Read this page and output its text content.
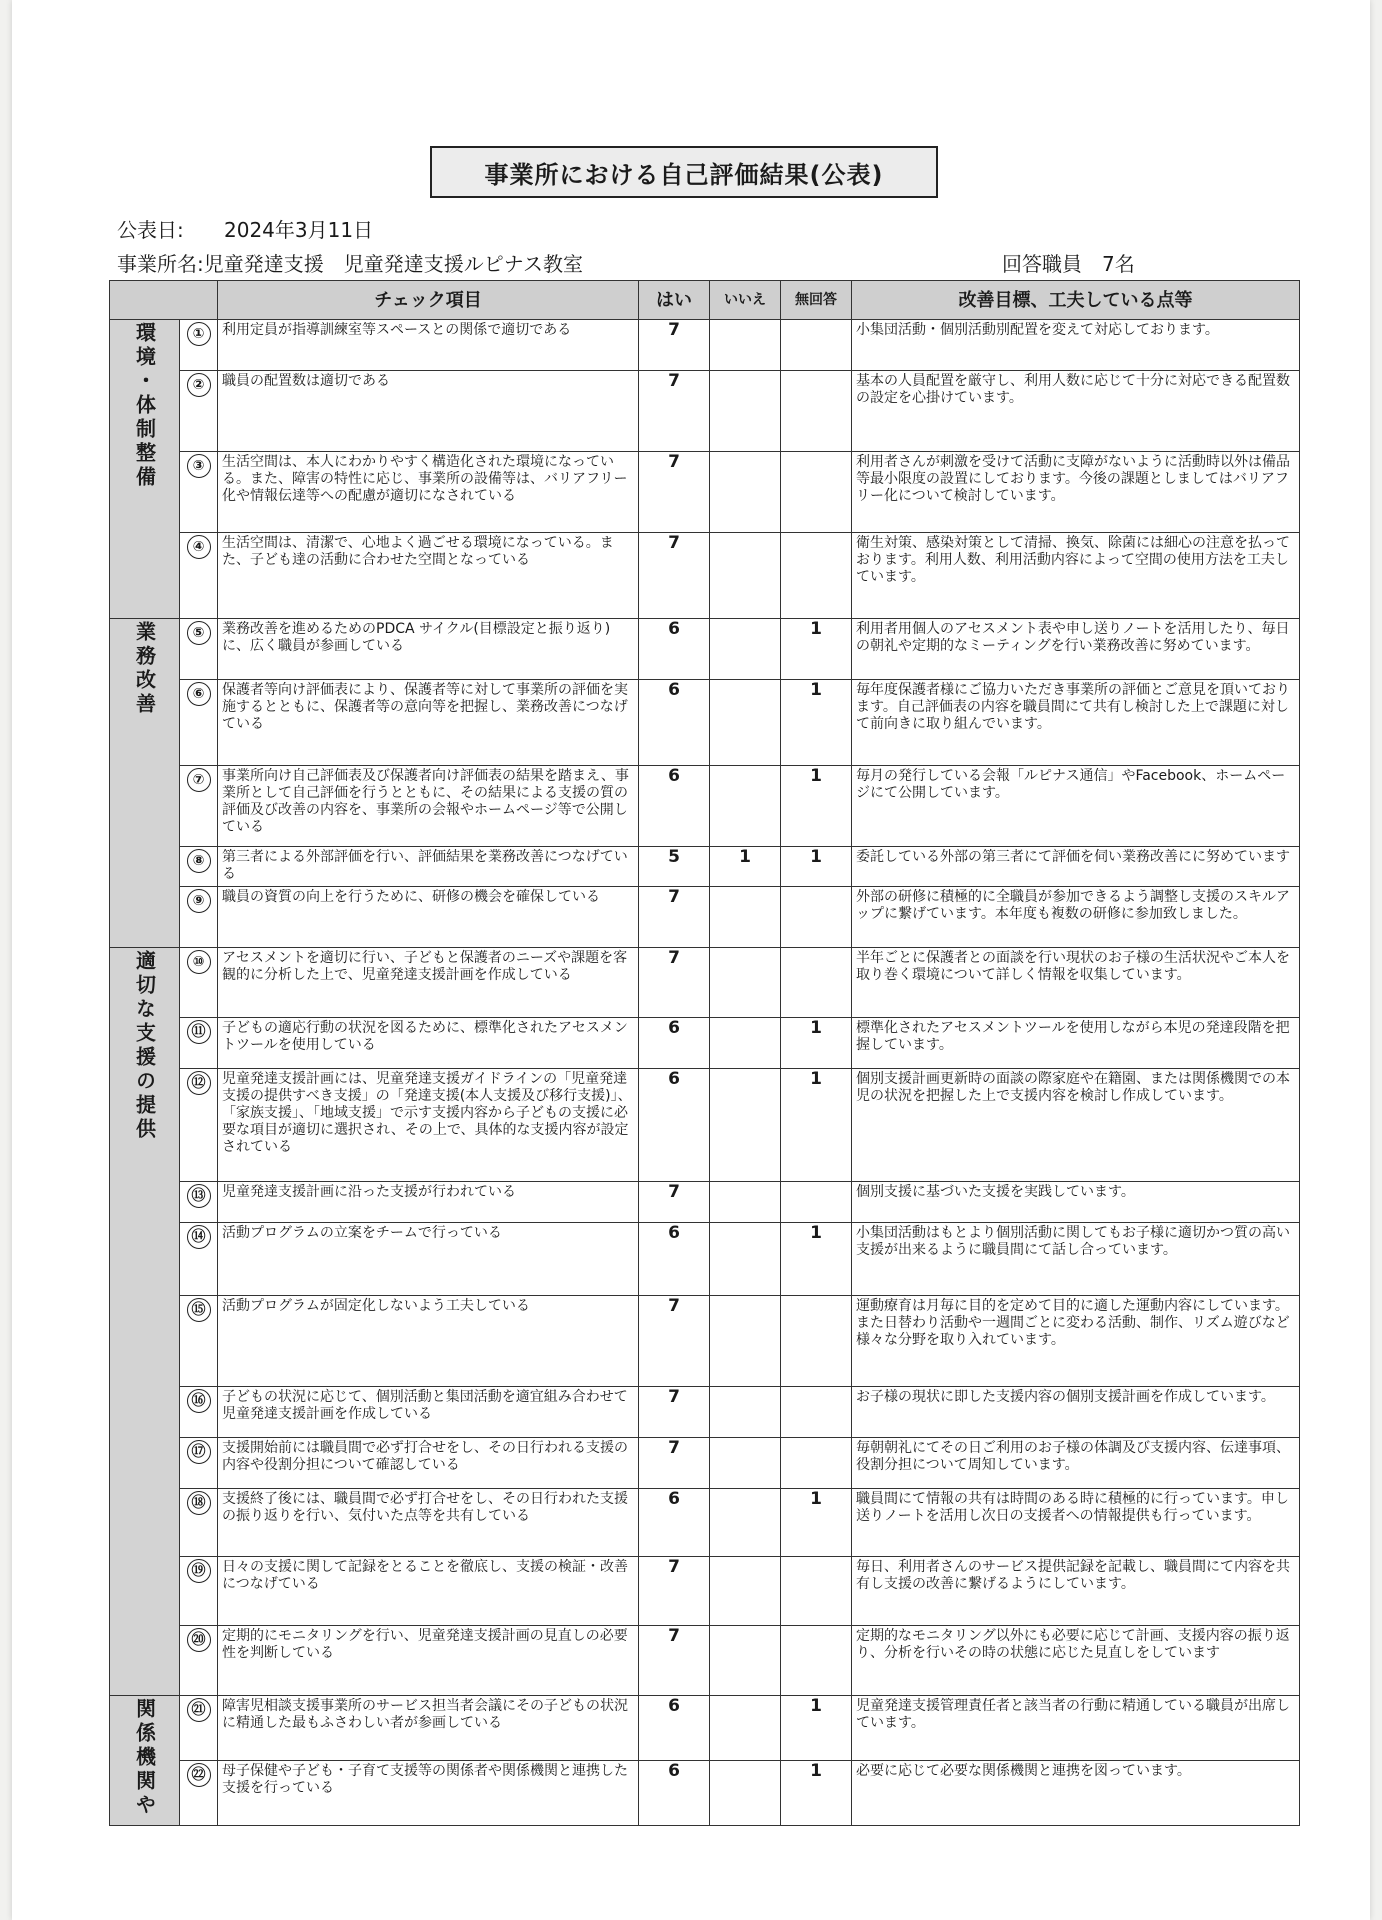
事業所における自己評価結果(公表)
公表日: 2024年3月11日
事業所名:児童発達支援　児童発達支援ルピナス教室	回答職員　7名
		チェック項目	はい	いいえ	無回答	改善目標、工夫している点等
環境・体制整備	①	利用定員が指導訓練室等スペースとの関係で適切である	7			小集団活動・個別活動別配置を変えて対応しております。
	②	職員の配置数は適切である	7			基本の人員配置を厳守し、利用人数に応じて十分に対応できる配置数の設定を心掛けています。
	③	生活空間は、本人にわかりやすく構造化された環境になっている。また、障害の特性に応じ、事業所の設備等は、バリアフリー化や情報伝達等への配慮が適切になされている	7			利用者さんが刺激を受けて活動に支障がないように活動時以外は備品等最小限度の設置にしております。今後の課題としましてはバリアフリー化について検討しています。
	④	生活空間は、清潔で、心地よく過ごせる環境になっている。また、子ども達の活動に合わせた空間となっている	7			衛生対策、感染対策として清掃、換気、除菌には細心の注意を払っております。利用人数、利用活動内容によって空間の使用方法を工夫しています。
業務改善	⑤	業務改善を進めるためのPDCA サイクル(目標設定と振り返り)に、広く職員が参画している	6		1	利用者用個人のアセスメント表や申し送りノートを活用したり、毎日の朝礼や定期的なミーティングを行い業務改善に努めています。
	⑥	保護者等向け評価表により、保護者等に対して事業所の評価を実施するとともに、保護者等の意向等を把握し、業務改善につなげている	6		1	毎年度保護者様にご協力いただき事業所の評価とご意見を頂いております。自己評価表の内容を職員間にて共有し検討した上で課題に対して前向きに取り組んでいます。
	⑦	事業所向け自己評価表及び保護者向け評価表の結果を踏まえ、事業所として自己評価を行うとともに、その結果による支援の質の評価及び改善の内容を、事業所の会報やホームページ等で公開している	6		1	毎月の発行している会報「ルピナス通信」やFacebook、ホームページにて公開しています。
	⑧	第三者による外部評価を行い、評価結果を業務改善につなげている	5	1	1	委託している外部の第三者にて評価を伺い業務改善にに努めています
	⑨	職員の資質の向上を行うために、研修の機会を確保している	7			外部の研修に積極的に全職員が参加できるよう調整し支援のスキルアップに繋げています。本年度も複数の研修に参加致しました。
適切な支援の提供	⑩	アセスメントを適切に行い、子どもと保護者のニーズや課題を客観的に分析した上で、児童発達支援計画を作成している	7			半年ごとに保護者との面談を行い現状のお子様の生活状況やご本人を取り巻く環境について詳しく情報を収集しています。
	⑪	子どもの適応行動の状況を図るために、標準化されたアセスメントツールを使用している	6		1	標準化されたアセスメントツールを使用しながら本児の発達段階を把握しています。
	⑫	児童発達支援計画には、児童発達支援ガイドラインの「児童発達支援の提供すべき支援」の「発達支援(本人支援及び移行支援)」、「家族支援」、「地域支援」で示す支援内容から子どもの支援に必要な項目が適切に選択され、その上で、具体的な支援内容が設定されている	6		1	個別支援計画更新時の面談の際家庭や在籍園、または関係機関での本児の状況を把握した上で支援内容を検討し作成しています。
	⑬	児童発達支援計画に沿った支援が行われている	7			個別支援に基づいた支援を実践しています。
	⑭	活動プログラムの立案をチームで行っている	6		1	小集団活動はもとより個別活動に関してもお子様に適切かつ質の高い支援が出来るように職員間にて話し合っています。
	⑮	活動プログラムが固定化しないよう工夫している	7			運動療育は月毎に目的を定めて目的に適した運動内容にしています。また日替わり活動や一週間ごとに変わる活動、制作、リズム遊びなど様々な分野を取り入れています。
	⑯	子どもの状況に応じて、個別活動と集団活動を適宜組み合わせて児童発達支援計画を作成している	7			お子様の現状に即した支援内容の個別支援計画を作成しています。
	⑰	支援開始前には職員間で必ず打合せをし、その日行われる支援の内容や役割分担について確認している	7			毎朝朝礼にてその日ご利用のお子様の体調及び支援内容、伝達事項、役割分担について周知しています。
	⑱	支援終了後には、職員間で必ず打合せをし、その日行われた支援の振り返りを行い、気付いた点等を共有している	6		1	職員間にて情報の共有は時間のある時に積極的に行っています。申し送りノートを活用し次日の支援者への情報提供も行っています。
	⑲	日々の支援に関して記録をとることを徹底し、支援の検証・改善につなげている	7			毎日、利用者さんのサービス提供記録を記載し、職員間にて内容を共有し支援の改善に繋げるようにしています。
	⑳	定期的にモニタリングを行い、児童発達支援計画の見直しの必要性を判断している	7			定期的なモニタリング以外にも必要に応じて計画、支援内容の振り返り、分析を行いその時の状態に応じた見直しをしています
関係機関や	㉑	障害児相談支援事業所のサービス担当者会議にその子どもの状況に精通した最もふさわしい者が参画している	6		1	児童発達支援管理責任者と該当者の行動に精通している職員が出席しています。
	㉒	母子保健や子ども・子育て支援等の関係者や関係機関と連携した支援を行っている	6		1	必要に応じて必要な関係機関と連携を図っています。
